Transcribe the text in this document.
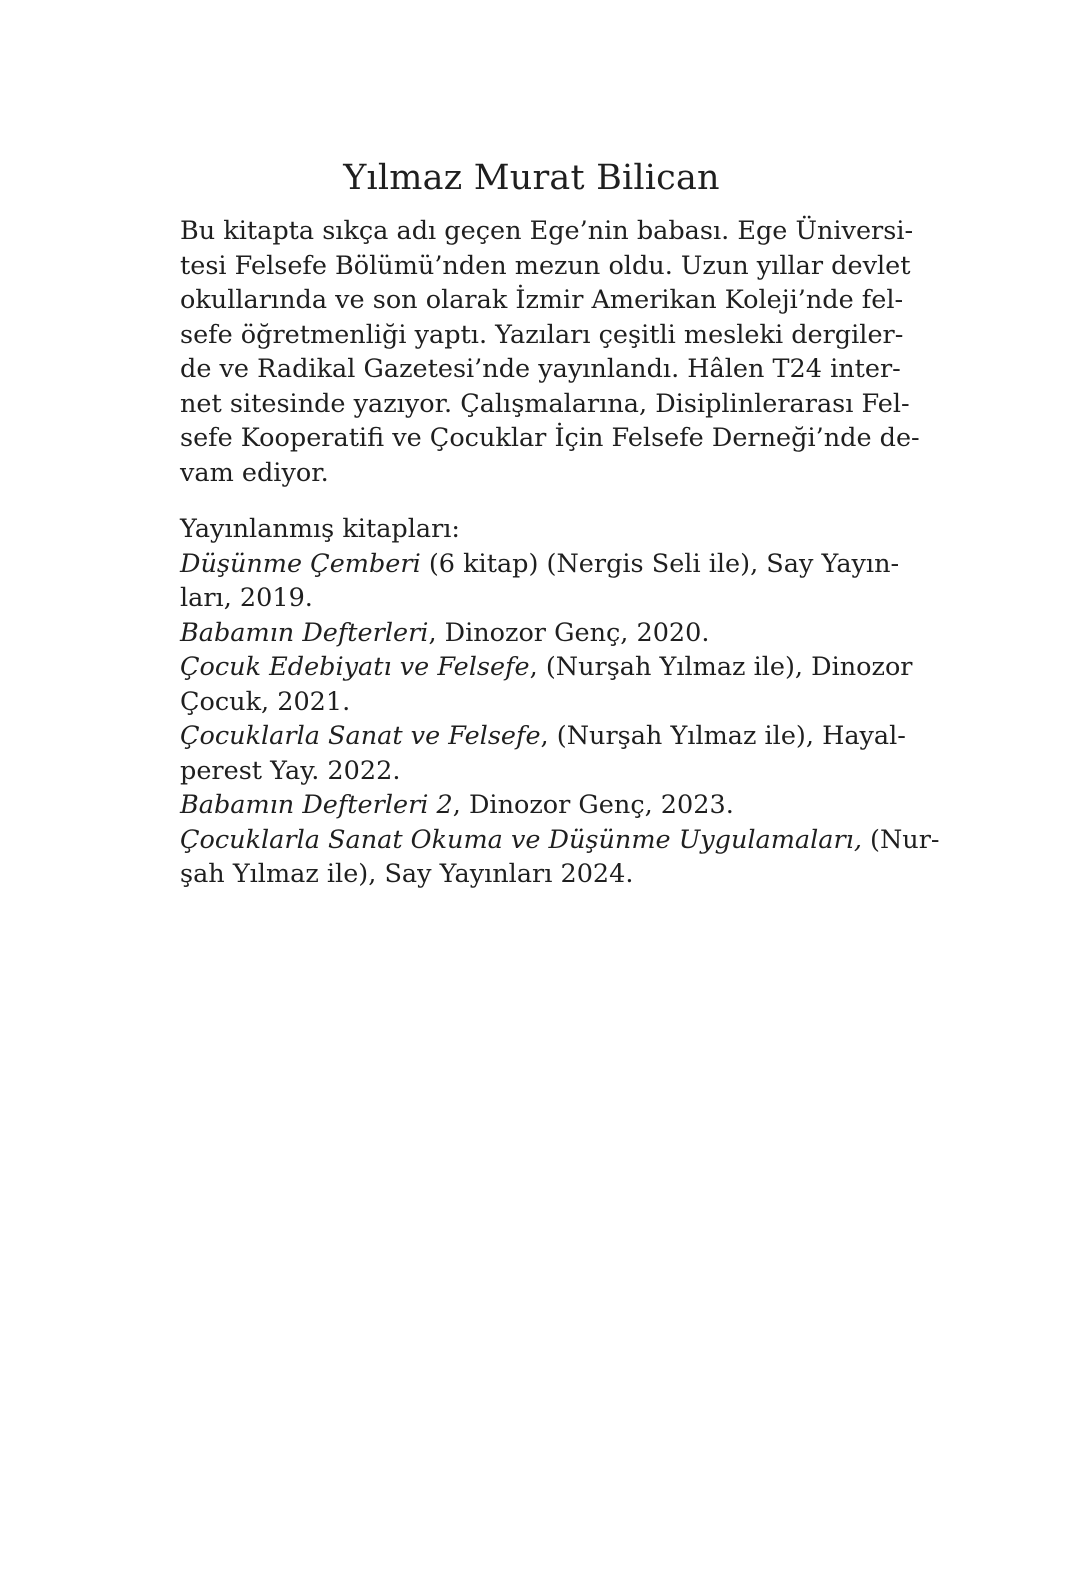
Yılmaz Murat Bilican
Bu kitapta sıkça adı geçen Ege’nin babası. Ege Üniversi-
tesi Felsefe Bölümü’nden mezun oldu. Uzun yıllar devlet
okullarında ve son olarak İzmir Amerikan Koleji’nde fel-
sefe öğretmenliği yaptı. Yazıları çeşitli mesleki dergiler-
de ve Radikal Gazetesi’nde yayınlandı. Hâlen T24 inter-
net sitesinde yazıyor. Çalışmalarına, Disiplinlerarası Fel-
sefe Kooperatifi ve Çocuklar İçin Felsefe Derneği’nde de-
vam ediyor.
Yayınlanmış kitapları:
Düşünme Çemberi (6 kitap) (Nergis Seli ile), Say Yayın-
ları, 2019.
Babamın Defterleri, Dinozor Genç, 2020.
Çocuk Edebiyatı ve Felsefe, (Nurşah Yılmaz ile), Dinozor
Çocuk, 2021.
Çocuklarla Sanat ve Felsefe, (Nurşah Yılmaz ile), Hayal-
perest Yay. 2022.
Babamın Defterleri 2, Dinozor Genç, 2023.
Çocuklarla Sanat Okuma ve Düşünme Uygulamaları, (Nur-
şah Yılmaz ile), Say Yayınları 2024.
